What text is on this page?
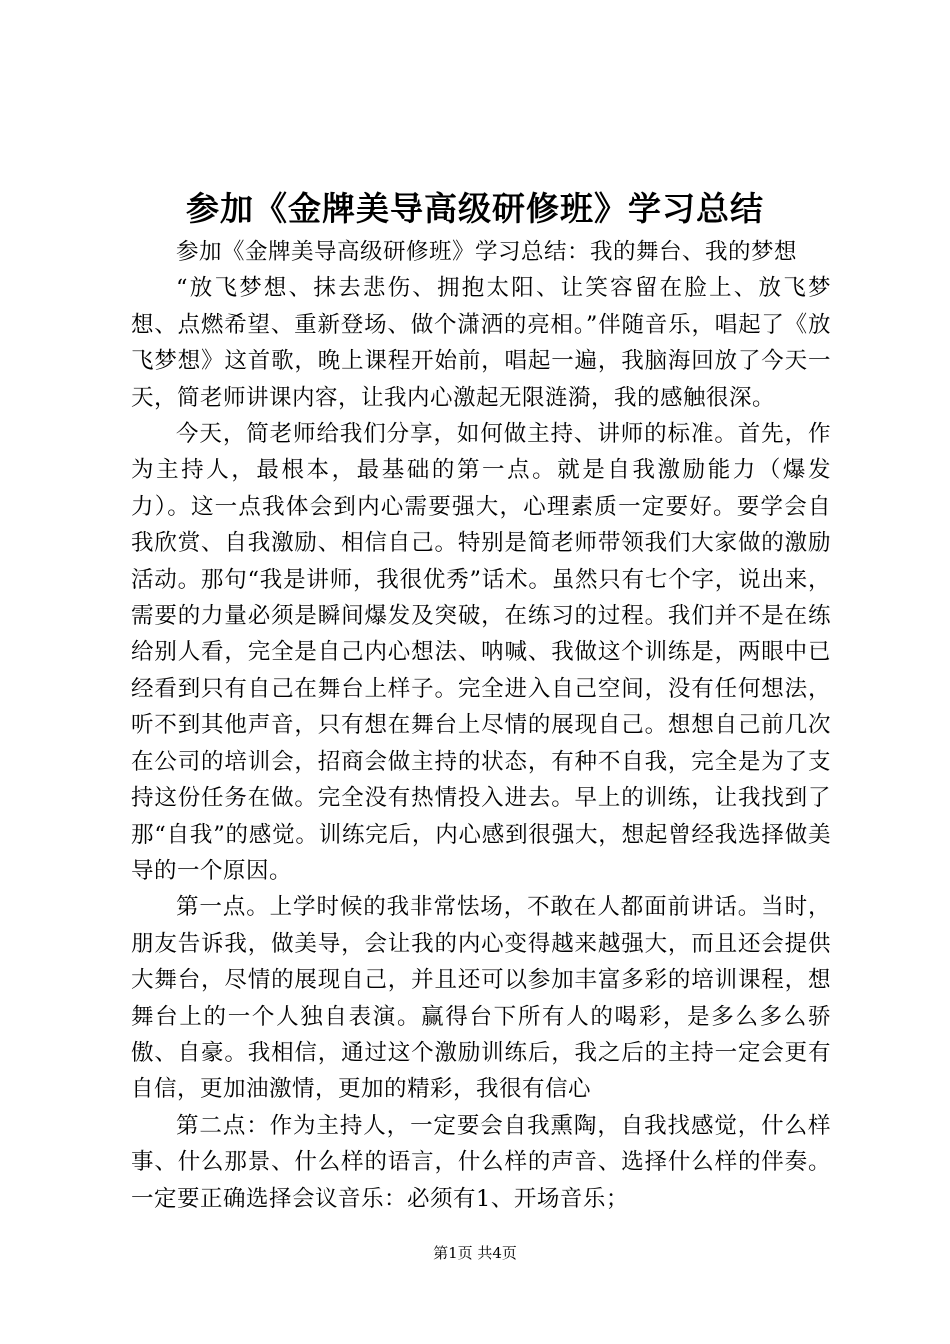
参加《金牌美导高级研修班》学习总结

参加《金牌美导高级研修班》学习总结：我的舞台、我的梦想

“放飞梦想、抹去悲伤、拥抱太阳、让笑容留在脸上、放飞梦想、点燃希望、重新登场、做个潇洒的亮相。”伴随音乐，唱起了《放飞梦想》这首歌，晚上课程开始前，唱起一遍，我脑海回放了今天一天，简老师讲课内容，让我内心激起无限涟漪，我的感触很深。

今天，简老师给我们分享，如何做主持、讲师的标准。首先，作为主持人，最根本，最基础的第一点。就是自我激励能力（爆发力）。这一点我体会到内心需要强大，心理素质一定要好。要学会自我欣赏、自我激励、相信自己。特别是简老师带领我们大家做的激励活动。那句“我是讲师，我很优秀”话术。虽然只有七个字，说出来，需要的力量必须是瞬间爆发及突破，在练习的过程。我们并不是在练给别人看，完全是自己内心想法、呐喊、我做这个训练是，两眼中已经看到只有自己在舞台上样子。完全进入自己空间，没有任何想法，听不到其他声音，只有想在舞台上尽情的展现自己。想想自己前几次在公司的培训会，招商会做主持的状态，有种不自我，完全是为了支持这份任务在做。完全没有热情投入进去。早上的训练，让我找到了那“自我”的感觉。训练完后，内心感到很强大，想起曾经我选择做美导的一个原因。

第一点。上学时候的我非常怯场，不敢在人都面前讲话。当时，朋友告诉我，做美导，会让我的内心变得越来越强大，而且还会提供大舞台，尽情的展现自己，并且还可以参加丰富多彩的培训课程，想舞台上的一个人独自表演。赢得台下所有人的喝彩，是多么多么骄傲、自豪。我相信，通过这个激励训练后，我之后的主持一定会更有自信，更加油激情，更加的精彩，我很有信心

第二点：作为主持人，一定要会自我熏陶，自我找感觉，什么样事、什么那景、什么样的语言，什么样的声音、选择什么样的伴奏。一定要正确选择会议音乐：必须有1、开场音乐；

第1页 共4页
